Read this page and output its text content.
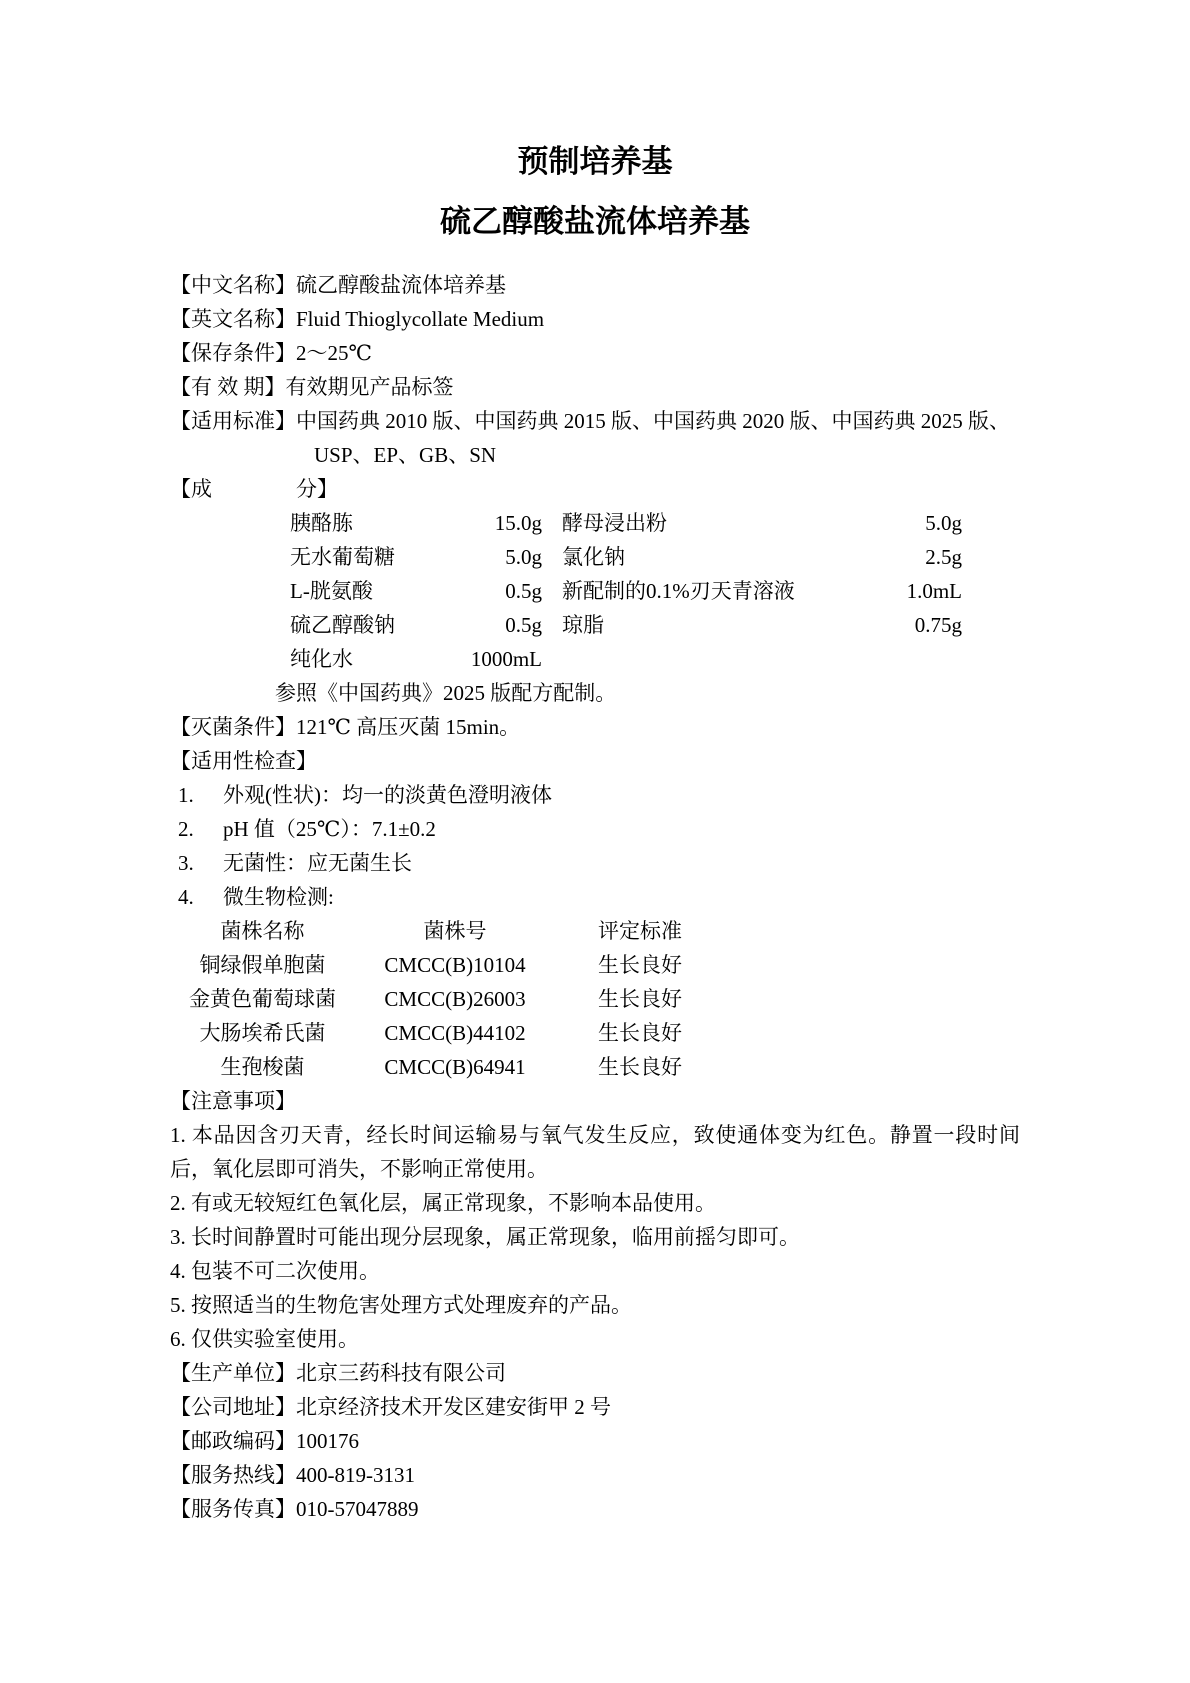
预制培养基
硫乙醇酸盐流体培养基
【中文名称】硫乙醇酸盐流体培养基
【英文名称】Fluid Thioglycollate Medium
【保存条件】2～25℃
【有 效 期】有效期见产品标签
【适用标准】中国药典 2010 版、中国药典 2015 版、中国药典 2020 版、中国药典 2025 版、
USP、EP、GB、SN
【成　　　　分】
胰酪胨	15.0g 酵母浸出粉	5.0g
无水葡萄糖	5.0g 氯化钠	2.5g
L-胱氨酸	0.5g 新配制的0.1%刃天青溶液	1.0mL
硫乙醇酸钠	0.5g 琼脂	0.75g
纯化水	1000mL
参照《中国药典》2025 版配方配制。
【灭菌条件】121℃ 高压灭菌 15min。
【适用性检查】
1.	外观(性状)：均一的淡黄色澄明液体
2.	pH 值（25℃）：7.1±0.2
3.	无菌性：应无菌生长
4.	微生物检测:
菌株名称	菌株号	评定标准
铜绿假单胞菌	CMCC(B)10104	生长良好
金黄色葡萄球菌	CMCC(B)26003	生长良好
大肠埃希氏菌	CMCC(B)44102	生长良好
生孢梭菌	CMCC(B)64941	生长良好
【注意事项】

1. 本品因含刃天青，经长时间运输易与氧气发生反应，致使通体变为红色。静置一段时间后，氧化层即可消失，不影响正常使用。

2. 有或无较短红色氧化层，属正常现象，不影响本品使用。

3. 长时间静置时可能出现分层现象，属正常现象，临用前摇匀即可。

4. 包装不可二次使用。

5. 按照适当的生物危害处理方式处理废弃的产品。

6. 仅供实验室使用。

【生产单位】北京三药科技有限公司
【公司地址】北京经济技术开发区建安街甲 2 号
【邮政编码】100176
【服务热线】400-819-3131
【服务传真】010-57047889
